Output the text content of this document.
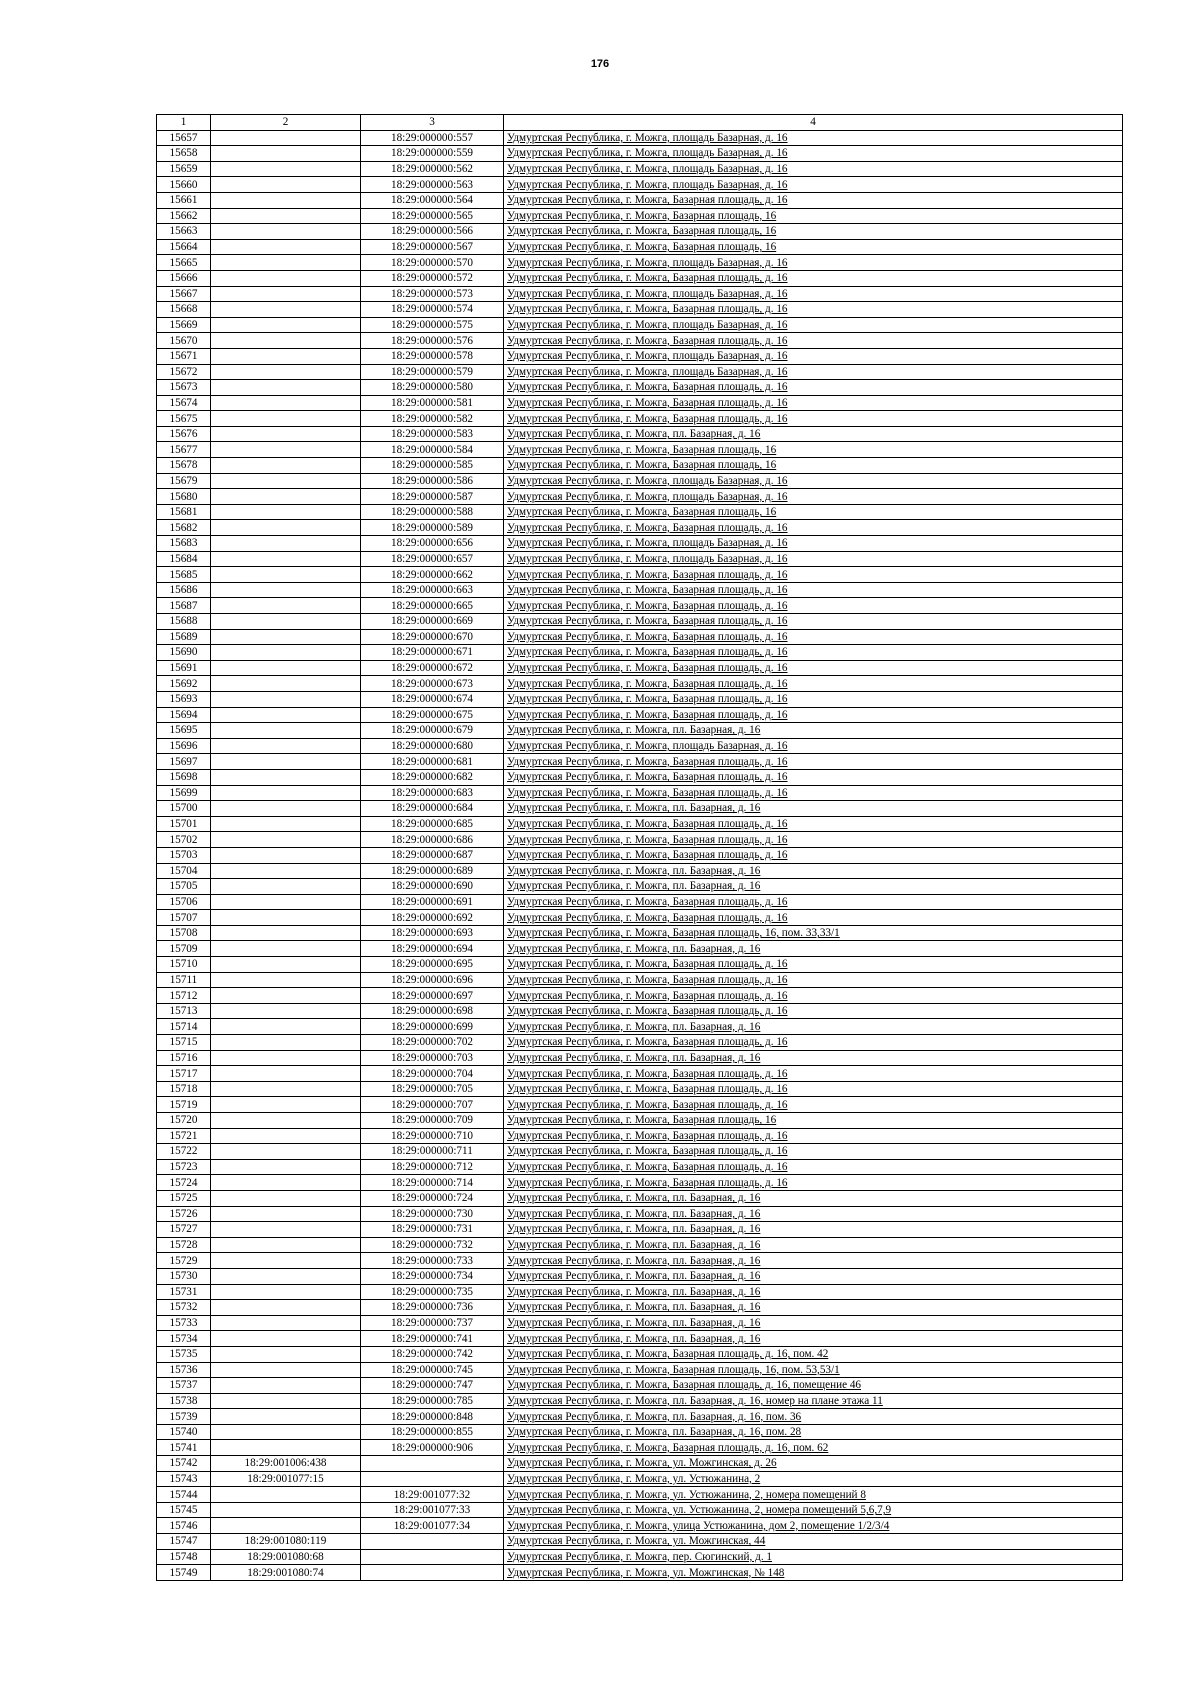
176
1	2	3	4
15657		18:29:000000:557	Удмуртская Республика, г. Можга, площадь Базарная, д. 16
15658		18:29:000000:559	Удмуртская Республика, г. Можга, площадь Базарная, д. 16
15659		18:29:000000:562	Удмуртская Республика, г. Можга, площадь Базарная, д. 16
15660		18:29:000000:563	Удмуртская Республика, г. Можга, площадь Базарная, д. 16
15661		18:29:000000:564	Удмуртская Республика, г. Можга, Базарная площадь, д. 16
15662		18:29:000000:565	Удмуртская Республика, г. Можга, Базарная площадь, 16
15663		18:29:000000:566	Удмуртская Республика, г. Можга, Базарная площадь, 16
15664		18:29:000000:567	Удмуртская Республика, г. Можга, Базарная площадь, 16
15665		18:29:000000:570	Удмуртская Республика, г. Можга, площадь Базарная, д. 16
15666		18:29:000000:572	Удмуртская Республика, г. Можга, Базарная площадь, д. 16
15667		18:29:000000:573	Удмуртская Республика, г. Можга, площадь Базарная, д. 16
15668		18:29:000000:574	Удмуртская Республика, г. Можга, Базарная площадь, д. 16
15669		18:29:000000:575	Удмуртская Республика, г. Можга, площадь Базарная, д. 16
15670		18:29:000000:576	Удмуртская Республика, г. Можга, Базарная площадь, д. 16
15671		18:29:000000:578	Удмуртская Республика, г. Можга, площадь Базарная, д. 16
15672		18:29:000000:579	Удмуртская Республика, г. Можга, площадь Базарная, д. 16
15673		18:29:000000:580	Удмуртская Республика, г. Можга, Базарная площадь, д. 16
15674		18:29:000000:581	Удмуртская Республика, г. Можга, Базарная площадь, д. 16
15675		18:29:000000:582	Удмуртская Республика, г. Можга, Базарная площадь, д. 16
15676		18:29:000000:583	Удмуртская Республика, г. Можга, пл. Базарная, д. 16
15677		18:29:000000:584	Удмуртская Республика, г. Можга, Базарная площадь, 16
15678		18:29:000000:585	Удмуртская Республика, г. Можга, Базарная площадь, 16
15679		18:29:000000:586	Удмуртская Республика, г. Можга, площадь Базарная, д. 16
15680		18:29:000000:587	Удмуртская Республика, г. Можга, площадь Базарная, д. 16
15681		18:29:000000:588	Удмуртская Республика, г. Можга, Базарная площадь, 16
15682		18:29:000000:589	Удмуртская Республика, г. Можга, Базарная площадь, д. 16
15683		18:29:000000:656	Удмуртская Республика, г. Можга, площадь Базарная, д. 16
15684		18:29:000000:657	Удмуртская Республика, г. Можга, площадь Базарная, д. 16
15685		18:29:000000:662	Удмуртская Республика, г. Можга, Базарная площадь, д. 16
15686		18:29:000000:663	Удмуртская Республика, г. Можга, Базарная площадь, д. 16
15687		18:29:000000:665	Удмуртская Республика, г. Можга, Базарная площадь, д. 16
15688		18:29:000000:669	Удмуртская Республика, г. Можга, Базарная площадь, д. 16
15689		18:29:000000:670	Удмуртская Республика, г. Можга, Базарная площадь, д. 16
15690		18:29:000000:671	Удмуртская Республика, г. Можга, Базарная площадь, д. 16
15691		18:29:000000:672	Удмуртская Республика, г. Можга, Базарная площадь, д. 16
15692		18:29:000000:673	Удмуртская Республика, г. Можга, Базарная площадь, д. 16
15693		18:29:000000:674	Удмуртская Республика, г. Можга, Базарная площадь, д. 16
15694		18:29:000000:675	Удмуртская Республика, г. Можга, Базарная площадь, д. 16
15695		18:29:000000:679	Удмуртская Республика, г. Можга, пл. Базарная, д. 16
15696		18:29:000000:680	Удмуртская Республика, г. Можга, площадь Базарная, д. 16
15697		18:29:000000:681	Удмуртская Республика, г. Можга, Базарная площадь, д. 16
15698		18:29:000000:682	Удмуртская Республика, г. Можга, Базарная площадь, д. 16
15699		18:29:000000:683	Удмуртская Республика, г. Можга, Базарная площадь, д. 16
15700		18:29:000000:684	Удмуртская Республика, г. Можга, пл. Базарная, д. 16
15701		18:29:000000:685	Удмуртская Республика, г. Можга, Базарная площадь, д. 16
15702		18:29:000000:686	Удмуртская Республика, г. Можга, Базарная площадь, д. 16
15703		18:29:000000:687	Удмуртская Республика, г. Можга, Базарная площадь, д. 16
15704		18:29:000000:689	Удмуртская Республика, г. Можга, пл. Базарная, д. 16
15705		18:29:000000:690	Удмуртская Республика, г. Можга, пл. Базарная, д. 16
15706		18:29:000000:691	Удмуртская Республика, г. Можга, Базарная площадь, д. 16
15707		18:29:000000:692	Удмуртская Республика, г. Можга, Базарная площадь, д. 16
15708		18:29:000000:693	Удмуртская Республика, г. Можга, Базарная площадь, 16, пом. 33,33/1
15709		18:29:000000:694	Удмуртская Республика, г. Можга, пл. Базарная, д. 16
15710		18:29:000000:695	Удмуртская Республика, г. Можга, Базарная площадь, д. 16
15711		18:29:000000:696	Удмуртская Республика, г. Можга, Базарная площадь, д. 16
15712		18:29:000000:697	Удмуртская Республика, г. Можга, Базарная площадь, д. 16
15713		18:29:000000:698	Удмуртская Республика, г. Можга, Базарная площадь, д. 16
15714		18:29:000000:699	Удмуртская Республика, г. Можга, пл. Базарная, д. 16
15715		18:29:000000:702	Удмуртская Республика, г. Можга, Базарная площадь, д. 16
15716		18:29:000000:703	Удмуртская Республика, г. Можга, пл. Базарная, д. 16
15717		18:29:000000:704	Удмуртская Республика, г. Можга, Базарная площадь, д. 16
15718		18:29:000000:705	Удмуртская Республика, г. Можга, Базарная площадь, д. 16
15719		18:29:000000:707	Удмуртская Республика, г. Можга, Базарная площадь, д. 16
15720		18:29:000000:709	Удмуртская Республика, г. Можга, Базарная площадь, 16
15721		18:29:000000:710	Удмуртская Республика, г. Можга, Базарная площадь, д. 16
15722		18:29:000000:711	Удмуртская Республика, г. Можга, Базарная площадь, д. 16
15723		18:29:000000:712	Удмуртская Республика, г. Можга, Базарная площадь, д. 16
15724		18:29:000000:714	Удмуртская Республика, г. Можга, Базарная площадь, д. 16
15725		18:29:000000:724	Удмуртская Республика, г. Можга, пл. Базарная, д. 16
15726		18:29:000000:730	Удмуртская Республика, г. Можга, пл. Базарная, д. 16
15727		18:29:000000:731	Удмуртская Республика, г. Можга, пл. Базарная, д. 16
15728		18:29:000000:732	Удмуртская Республика, г. Можга, пл. Базарная, д. 16
15729		18:29:000000:733	Удмуртская Республика, г. Можга, пл. Базарная, д. 16
15730		18:29:000000:734	Удмуртская Республика, г. Можга, пл. Базарная, д. 16
15731		18:29:000000:735	Удмуртская Республика, г. Можга, пл. Базарная, д. 16
15732		18:29:000000:736	Удмуртская Республика, г. Можга, пл. Базарная, д. 16
15733		18:29:000000:737	Удмуртская Республика, г. Можга, пл. Базарная, д. 16
15734		18:29:000000:741	Удмуртская Республика, г. Можга, пл. Базарная, д. 16
15735		18:29:000000:742	Удмуртская Республика, г. Можга, Базарная площадь, д. 16, пом. 42
15736		18:29:000000:745	Удмуртская Республика, г. Можга, Базарная площадь, 16, пом. 53,53/1
15737		18:29:000000:747	Удмуртская Республика, г. Можга, Базарная площадь, д. 16, помещение 46
15738		18:29:000000:785	Удмуртская Республика, г. Можга, пл. Базарная, д. 16, номер на плане этажа 11
15739		18:29:000000:848	Удмуртская Республика, г. Можга, пл. Базарная, д. 16, пом. 36
15740		18:29:000000:855	Удмуртская Республика, г. Можга, пл. Базарная, д. 16, пом. 28
15741		18:29:000000:906	Удмуртская Республика, г. Можга, Базарная площадь, д. 16, пом. 62
15742	18:29:001006:438		Удмуртская Республика, г. Можга, ул. Можгинская, д. 26
15743	18:29:001077:15		Удмуртская Республика, г. Можга, ул. Устюжанина, 2
15744		18:29:001077:32	Удмуртская Республика, г. Можга, ул. Устюжанина, 2, номера помещений 8
15745		18:29:001077:33	Удмуртская Республика, г. Можга, ул. Устюжанина, 2, номера помещений 5,6,7,9
15746		18:29:001077:34	Удмуртская Республика, г. Можга, улица Устюжанина, дом 2, помещение 1/2/3/4
15747	18:29:001080:119		Удмуртская Республика, г. Можга, ул. Можгинская, 44
15748	18:29:001080:68		Удмуртская Республика, г. Можга, пер. Сюгинский, д. 1
15749	18:29:001080:74		Удмуртская Республика, г. Можга, ул. Можгинская, № 148
